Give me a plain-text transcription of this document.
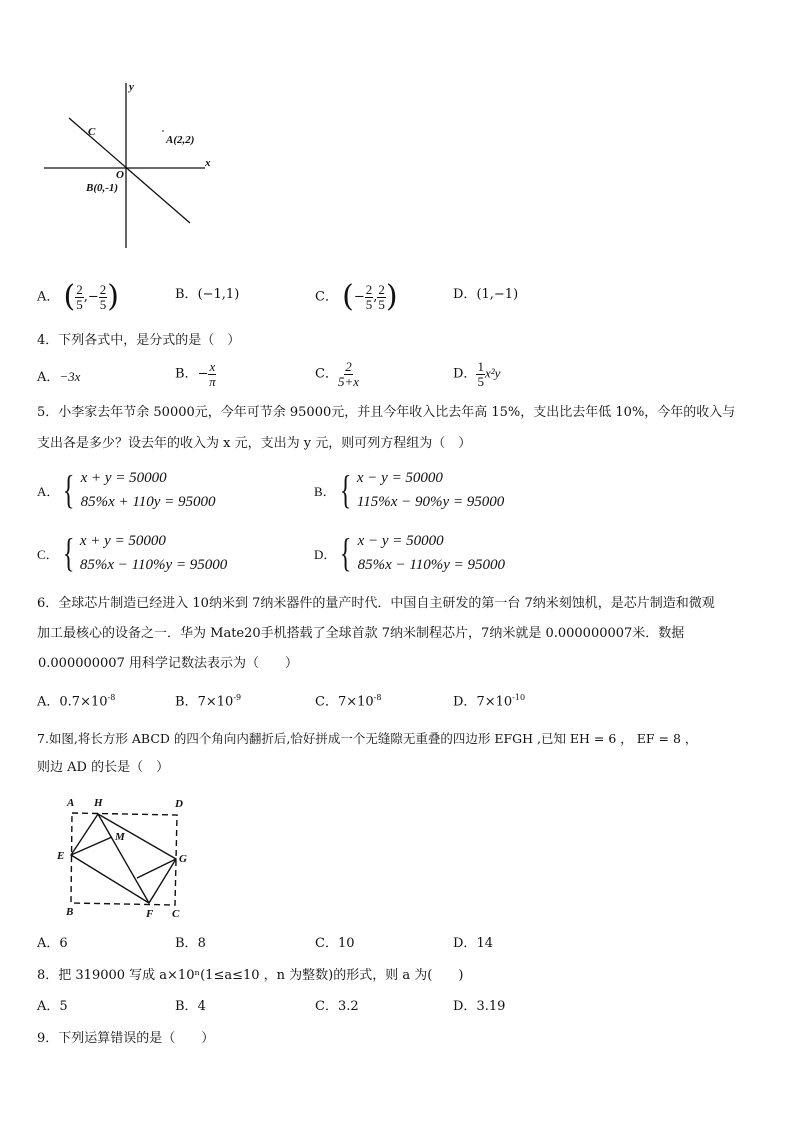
y
x
C
O
A(2,2)
B(0,-1)
A． ( $\frac{2}{5}$ ,− $\frac{2}{5}$ )	B．(−1,1)	C． (− $\frac{2}{5}$ , $\frac{2}{5}$ )	D．(1,−1)
4．下列各式中，是分式的是（　）
A．−3x	B．− $\frac{x}{\pi}$	C． $\frac{2}{5+x}$	D． $\frac{1}{5} x^2y$
5．小李家去年节余 50000元，今年可节余 95000元，并且今年收入比去年高 15%，支出比去年低 10%，今年的收入与
支出各是多少？设去年的收入为 x 元，支出为 y 元，则可列方程组为（　）
A． { x + y = 50000
85%x + 110y = 95000
B． { x − y = 50000
115%x − 90%y = 95000
C． { x + y = 50000
85%x − 110%y = 95000
D． { x − y = 50000
85%x − 110%y = 95000
6．全球芯片制造已经进入 10纳米到 7纳米器件的量产时代．中国自主研发的第一台 7纳米刻蚀机，是芯片制造和微观
加工最核心的设备之一．华为 Mate20手机搭载了全球首款 7纳米制程芯片，7纳米就是 0.000000007米．数据
0.000000007 用科学记数法表示为（　　）
A．$0.7\times 10^{-8}$	B．$7\times 10^{-9}$	C．$7\times 10^{-8}$	D．$7\times 10^{-10}$
7.如图,将长方形 ABCD 的四个角向内翻折后,恰好拼成一个无缝隙无重叠的四边形 EFGH ,已知 EH = 6 ， EF = 8 ，
则边 AD 的长是（　）
A H	D
M
E	G
B	F C
A．6	B．8	C．10	D．14
8．把 319000 写成 a×10ⁿ(1≤a≤10 ，n 为整数)的形式，则 a 为(　　)
A．5	B．4	C．3.2	D．3.19
9．下列运算错误的是（　　）
